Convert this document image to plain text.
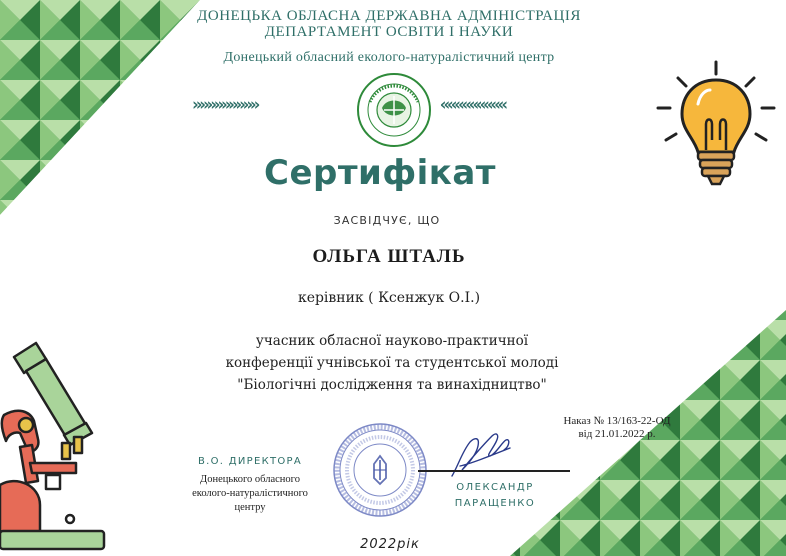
ДОНЕЦЬКА ОБЛАСНА ДЕРЖАВНА АДМІНІСТРАЦІЯ
ДЕПАРТАМЕНТ ОСВІТИ І НАУКИ
Донецький обласний еколого-натуралістичний центр
»»»»»»»»»	«««««««««
Сертифікат
ЗАСВІДЧУЄ, ЩО
ОЛЬГА ШТАЛЬ
керівник ( Ксенжук О.І.)
учасник обласної науково-практичної
конференції учнівської та студентської молоді
"Біологічні дослідження та винахідництво"
Наказ № 13/163-22-ОД
від 21.01.2022 р.
В.О. ДИРЕКТОРА
Донецького обласного
еколого-натуралістичного
центру
ОЛЕКСАНДР
ПАРАЩЕНКО
2022рік
